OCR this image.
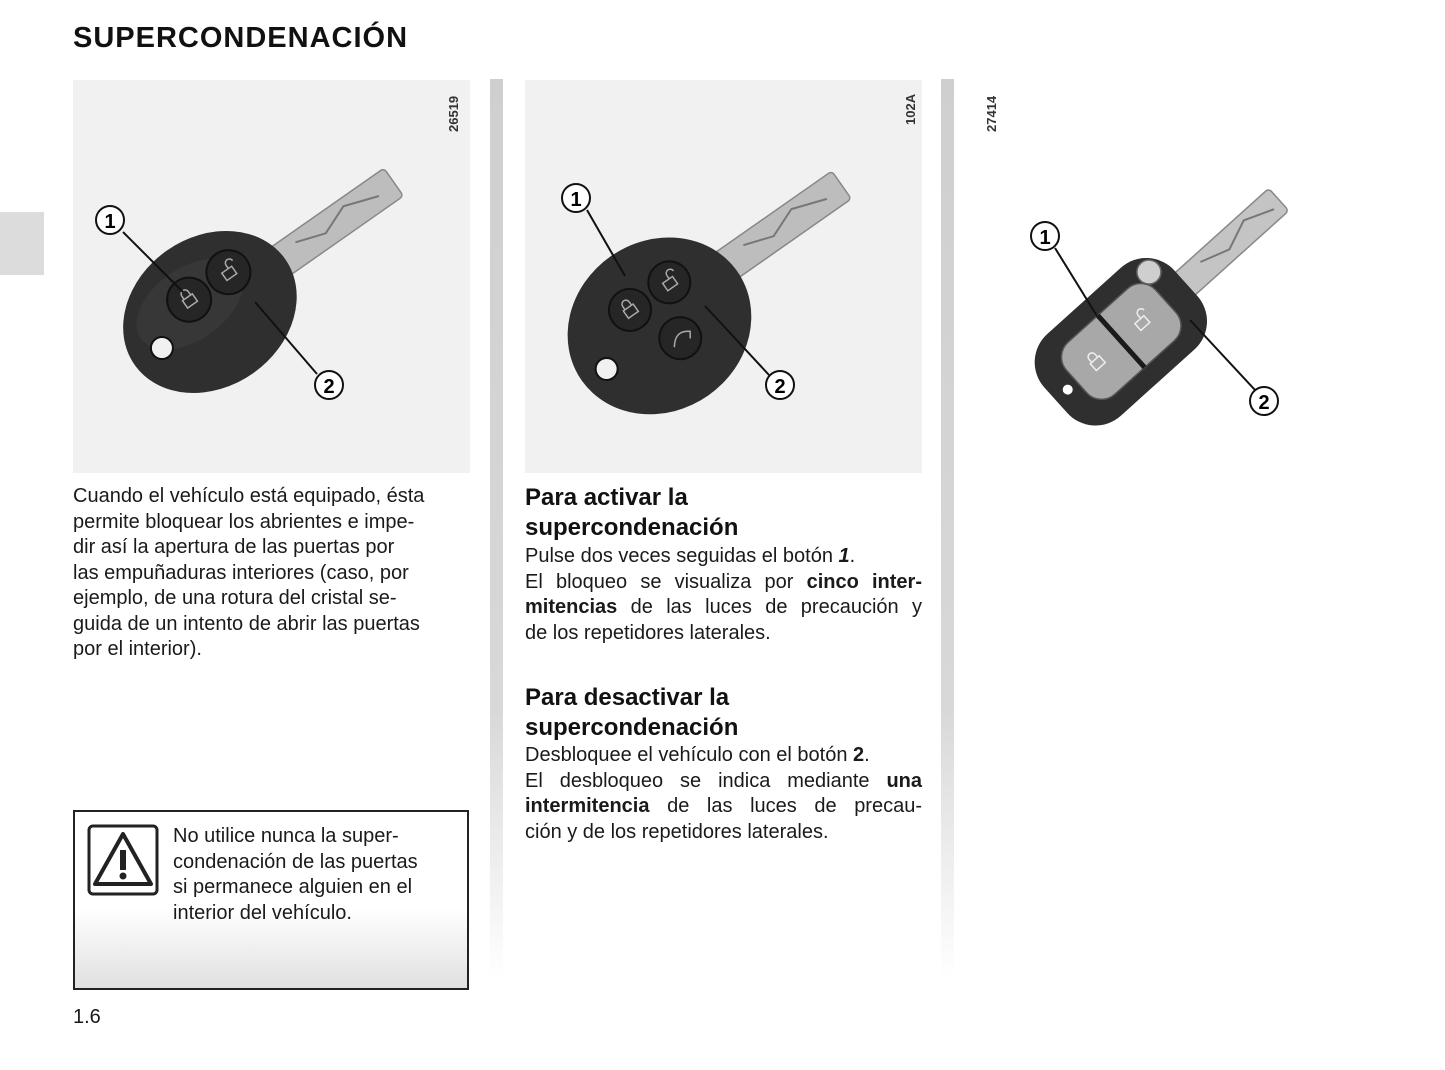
SUPERCONDENACIÓN
1
2
26519
1
2
102A
1
2
27414
Cuando el vehículo está equipado, ésta
permite bloquear los abrientes e impe-
dir así la apertura de las puertas por
las empuñaduras interiores (caso, por
ejemplo, de una rotura del cristal se-
guida de un intento de abrir las puertas
por el interior).
No utilice nunca la super-
condenación de las puertas
si permanece alguien en el
interior del vehículo.
Para activar la
supercondenación
Pulse dos veces seguidas el botón 1.
El bloqueo se visualiza por cinco inter-
mitencias de las luces de precaución y
de los repetidores laterales.
Para desactivar la
supercondenación
Desbloquee el vehículo con el botón 2.
El desbloqueo se indica mediante una
intermitencia de las luces de precau-
ción y de los repetidores laterales.
1.6
